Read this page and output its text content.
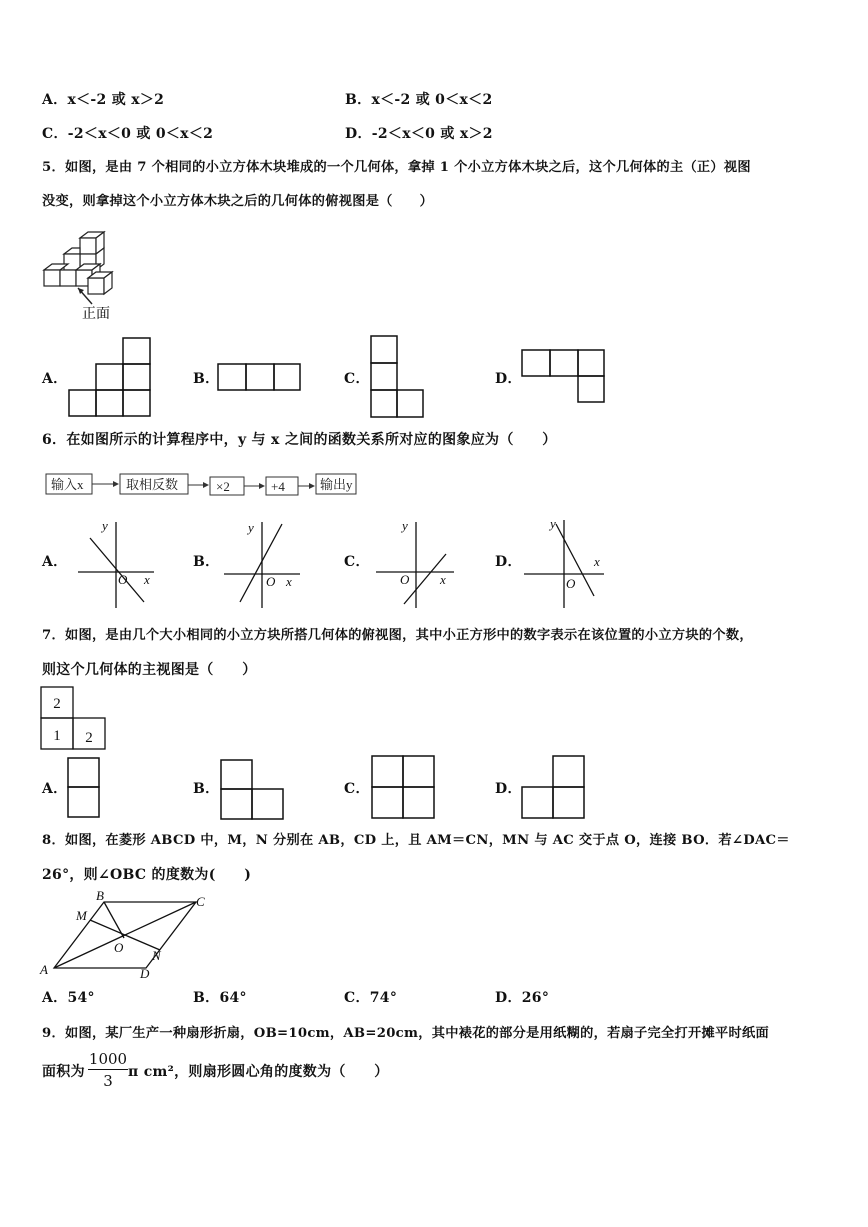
A．x＜-2 或 x＞2	B．x＜-2 或 0＜x＜2
C．-2＜x＜0 或 0＜x＜2	D．-2＜x＜0 或 x＞2
5．如图，是由 7 个相同的小立方体木块堆成的一个几何体，拿掉 1 个小立方体木块之后，这个几何体的主（正）视图
没变，则拿掉这个小立方体木块之后的几何体的俯视图是（　　）
正面
A．	B．	C．	D．
6．在如图所示的计算程序中，y 与 x 之间的函数关系所对应的图象应为（　　）
输入x	取相反数	×2	+4	输出y
A．
y
x
O
B．
y
x
O
C．
y
x
O
D．
y
x
O
7．如图，是由几个大小相同的小立方块所搭几何体的俯视图，其中小正方形中的数字表示在该位置的小立方块的个数，
则这个几何体的主视图是（　　）
2
1 2
A．	B．	C．	D．
8．如图，在菱形 ABCD 中，M，N 分别在 AB，CD 上，且 AM＝CN，MN 与 AC 交于点 O，连接 BO．若∠DAC＝
26°，则∠OBC 的度数为(　　)
A
B	C
D
M
N
O
A．54°	B．64°	C．74°	D．26°
9．如图，某厂生产一种扇形折扇，OB=10cm，AB=20cm，其中裱花的部分是用纸糊的，若扇子完全打开摊平时纸面
面积为
1000
3	π cm²，则扇形圆心角的度数为（　　）
